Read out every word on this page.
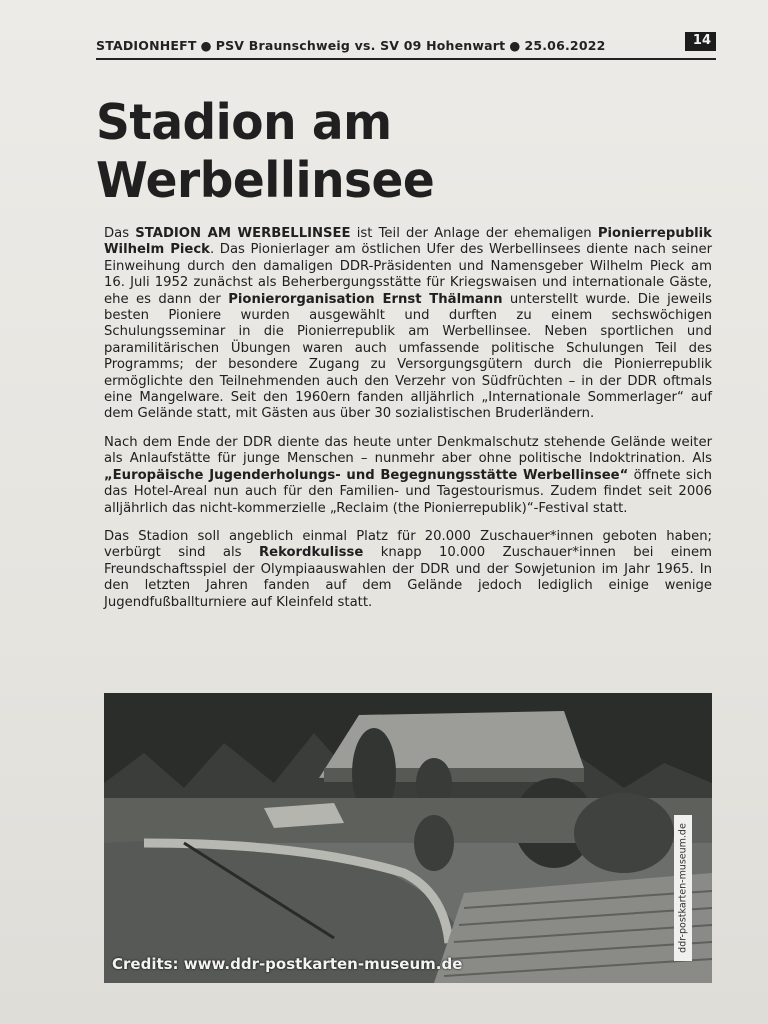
STADIONHEFT ● PSV Braunschweig vs. SV 09 Hohenwart ● 25.06.2022	14
Stadion am
Werbellinsee

Das STADION AM WERBELLINSEE ist Teil der Anlage der ehemaligen Pionierrepublik Wilhelm Pieck. Das Pionierlager am östlichen Ufer des Werbellinsees diente nach seiner Einweihung durch den damaligen DDR-Präsidenten und Namensgeber Wilhelm Pieck am 16. Juli 1952 zunächst als Beherbergungsstätte für Kriegswaisen und internationale Gäste, ehe es dann der Pionierorganisation Ernst Thälmann unterstellt wurde. Die jeweils besten Pioniere wurden ausgewählt und durften zu einem sechswöchigen Schulungsseminar in die Pionierrepublik am Werbellinsee. Neben sportlichen und paramilitärischen Übungen waren auch umfassende politische Schulungen Teil des Programms; der besondere Zugang zu Versorgungsgütern durch die Pionierrepublik ermöglichte den Teilnehmenden auch den Verzehr von Südfrüchten – in der DDR oftmals eine Mangelware. Seit den 1960ern fanden alljährlich „Internationale Sommerlager“ auf dem Gelände statt, mit Gästen aus über 30 sozialistischen Bruderländern.

Nach dem Ende der DDR diente das heute unter Denkmalschutz stehende Gelände weiter als Anlaufstätte für junge Menschen – nunmehr aber ohne politische Indoktrination. Als „Europäische Jugenderholungs- und Begegnungsstätte Werbellinsee“ öffnete sich das Hotel-Areal nun auch für den Familien- und Tagestourismus. Zudem findet seit 2006 alljährlich das nicht-kommerzielle „Reclaim (the Pionierrepublik)“-Festival statt.

Das Stadion soll angeblich einmal Platz für 20.000 Zuschauer*innen geboten haben; verbürgt sind als Rekordkulisse knapp 10.000 Zuschauer*innen bei einem Freundschaftsspiel der Olympiaauswahlen der DDR und der Sowjetunion im Jahr 1965. In den letzten Jahren fanden auf dem Gelände jedoch lediglich einige wenige Jugendfußballturniere auf Kleinfeld statt.

Credits: www.ddr-postkarten-museum.de
ddr-postkarten-museum.de
